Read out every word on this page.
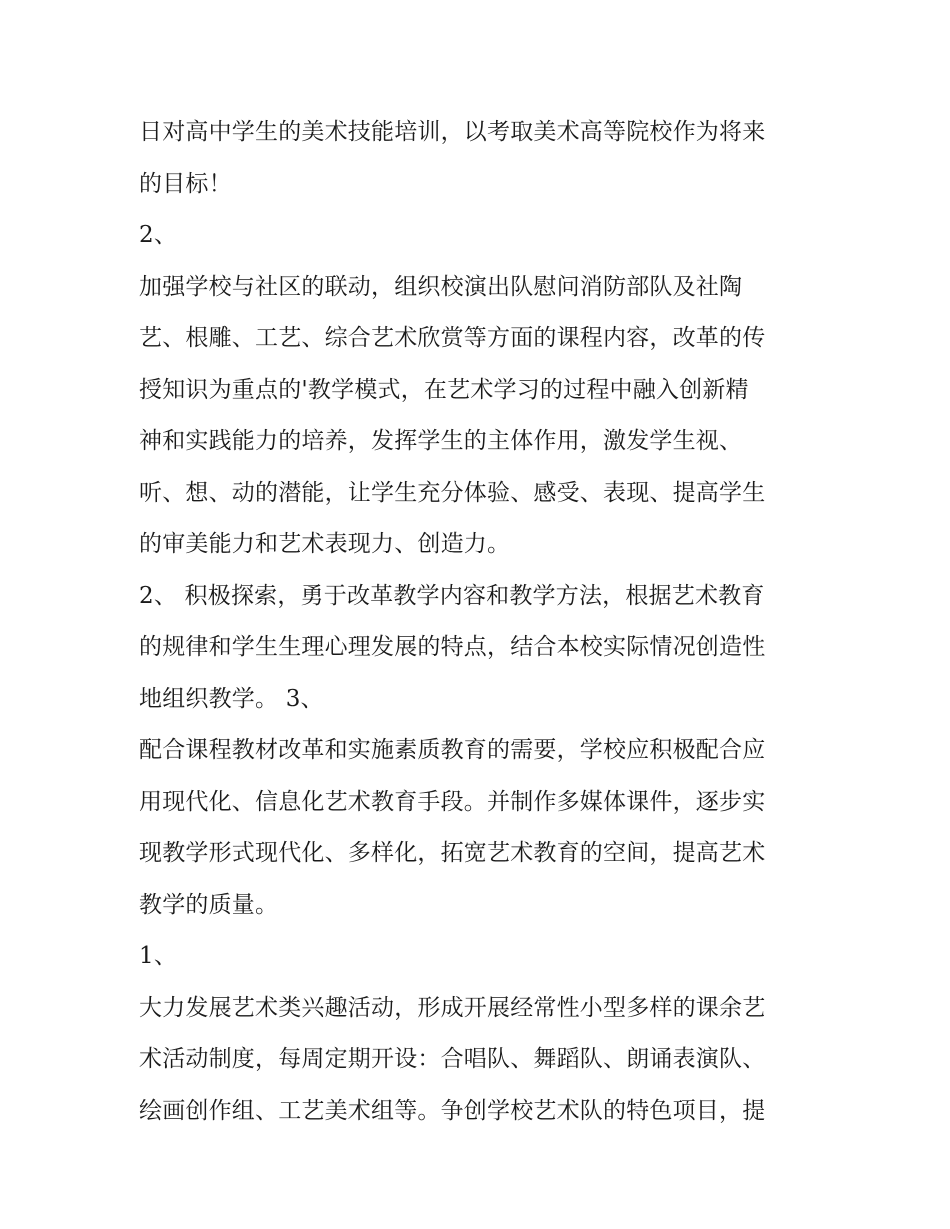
日对高中学生的美术技能培训，以考取美术高等院校作为将来
的目标！
2、
加强学校与社区的联动，组织校演出队慰问消防部队及社陶
艺、根雕、工艺、综合艺术欣赏等方面的课程内容，改革的传
授知识为重点的'教学模式，在艺术学习的过程中融入创新精
神和实践能力的培养，发挥学生的主体作用，激发学生视、
听、想、动的潜能，让学生充分体验、感受、表现、提高学生
的审美能力和艺术表现力、创造力。
2、 积极探索，勇于改革教学内容和教学方法，根据艺术教育
的规律和学生生理心理发展的特点，结合本校实际情况创造性
地组织教学。 3、
配合课程教材改革和实施素质教育的需要，学校应积极配合应
用现代化、信息化艺术教育手段。并制作多媒体课件，逐步实
现教学形式现代化、多样化，拓宽艺术教育的空间，提高艺术
教学的质量。
1、
大力发展艺术类兴趣活动，形成开展经常性小型多样的课余艺
术活动制度，每周定期开设：合唱队、舞蹈队、朗诵表演队、
绘画创作组、工艺美术组等。争创学校艺术队的特色项目，提
